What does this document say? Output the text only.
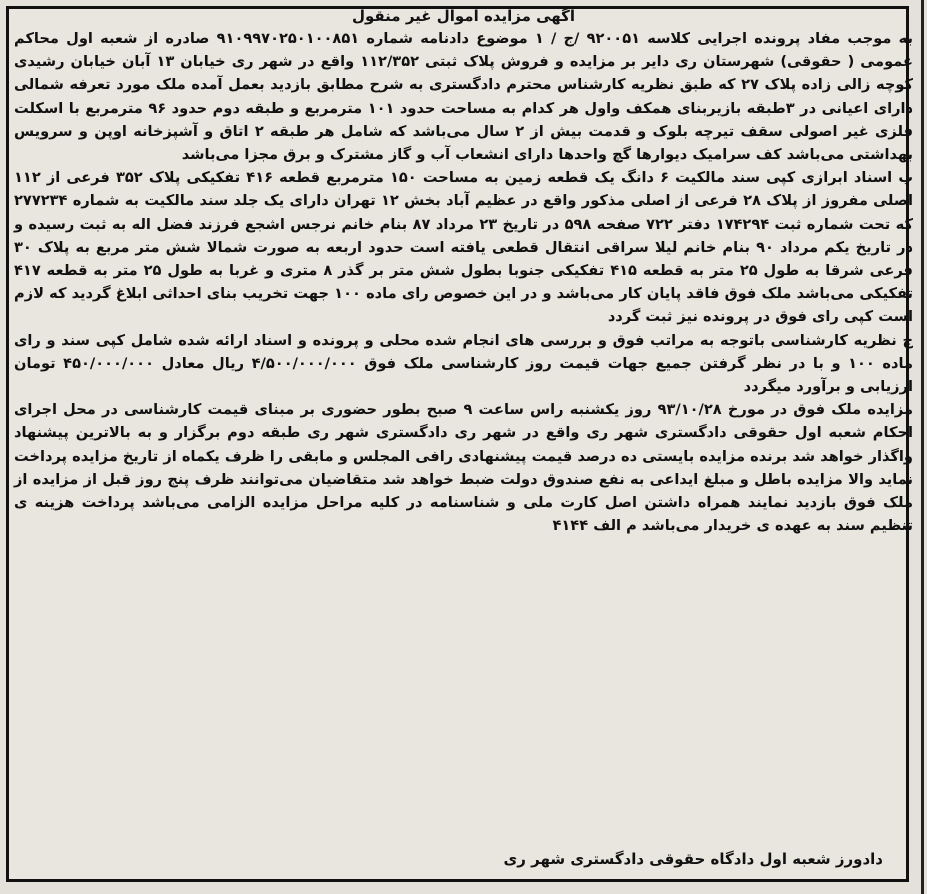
آگهی مزایده اموال غیر منقول

به موجب مفاد پرونده اجرایی کلاسه ۹۲۰۰۵۱ /ج / ۱ موضوع دادنامه شماره ۹۱۰۹۹۷۰۲۵۰۱۰۰۸۵۱ صادره از شعبه اول محاکم عمومی ( حقوقی) شهرستان ری دایر بر مزایده و فروش پلاک ثبتی ۱۱۲/۳۵۲ واقع در شهر ری خیابان ۱۳ آبان خیابان رشیدی کوچه زالی زاده پلاک ۲۷ که طبق نظریه کارشناس محترم دادگستری به شرح مطابق بازدید بعمل آمده ملک مورد تعرفه شمالی دارای اعیانی در ۳طبقه بازیربنای همکف واول هر کدام به مساحت حدود ۱۰۱ مترمربع و طبقه دوم حدود ۹۶ مترمربع با اسکلت فلزی غیر اصولی سقف تیرچه بلوک و قدمت بیش از ۲ سال می‌باشد که شامل هر طبقه ۲ اتاق و آشپزخانه اوپن و سرویس بهداشتی می‌باشد کف سرامیک دیوارها گچ واحدها دارای انشعاب آب و گاز مشترک و برق مجزا می‌باشد

ب اسناد ابرازی کپی سند مالکیت ۶ دانگ یک قطعه زمین به مساحت ۱۵۰ مترمربع قطعه ۴۱۶ تفکیکی پلاک ۳۵۲ فرعی از ۱۱۲ اصلی مفروز از پلاک ۲۸ فرعی از اصلی مذکور واقع در عظیم آباد بخش ۱۲ تهران دارای یک جلد سند مالکیت به شماره ۲۷۷۲۳۴ که تحت شماره ثبت ۱۷۴۲۹۴ دفتر ۷۲۲ صفحه ۵۹۸ در تاریخ ۲۳ مرداد ۸۷ بنام خانم نرجس اشجع فرزند فضل اله به ثبت رسیده و در تاریخ یکم مرداد ۹۰ بنام خانم لیلا سراقی انتقال قطعی یافته است حدود اربعه به صورت شمالا شش متر مربع به پلاک ۳۰ فرعی شرقا به طول ۲۵ متر به قطعه ۴۱۵ تفکیکی جنوبا بطول شش متر بر گذر ۸ متری و غربا به طول ۲۵ متر به قطعه ۴۱۷ تفکیکی می‌باشد ملک فوق فاقد پایان کار می‌باشد و در این خصوص رای ماده ۱۰۰ جهت تخریب بنای احداثی ابلاغ گردید که لازم است کپی رای فوق در پرونده نیز ثبت گردد

ج نظریه کارشناسی باتوجه به مراتب فوق و بررسی های انجام شده محلی و پرونده و اسناد ارائه شده شامل کپی سند و رای ماده ۱۰۰ و با در نظر گرفتن جمیع جهات قیمت روز کارشناسی ملک فوق ۴/۵۰۰/۰۰۰/۰۰۰ ریال معادل ۴۵۰/۰۰۰/۰۰۰ تومان ارزیابی و برآورد میگردد

مزایده ملک فوق در مورخ ۹۳/۱۰/۲۸ روز یکشنبه راس ساعت ۹ صبح بطور حضوری بر مبنای قیمت کارشناسی در محل اجرای احکام شعبه اول حقوقی دادگستری شهر ری واقع در شهر ری دادگستری شهر ری طبقه دوم برگزار و به بالاترین پیشنهاد واگذار خواهد شد برنده مزایده بایستی ده درصد قیمت پیشنهادی رافی المجلس و مابقی را ظرف یکماه از تاریخ مزایده پرداخت نماید والا مزایده باطل و مبلغ ایداعی به نفع صندوق دولت ضبط خواهد شد متقاضیان می‌توانند ظرف پنج روز قبل از مزایده از ملک فوق بازدید نمایند همراه داشتن اصل کارت ملی و شناسنامه در کلیه مراحل مزایده الزامی می‌باشد پرداخت هزینه ی تنظیم سند به عهده ی خریدار می‌باشد م الف ۴۱۴۴

دادورز شعبه اول دادگاه حقوقی دادگستری شهر ری
